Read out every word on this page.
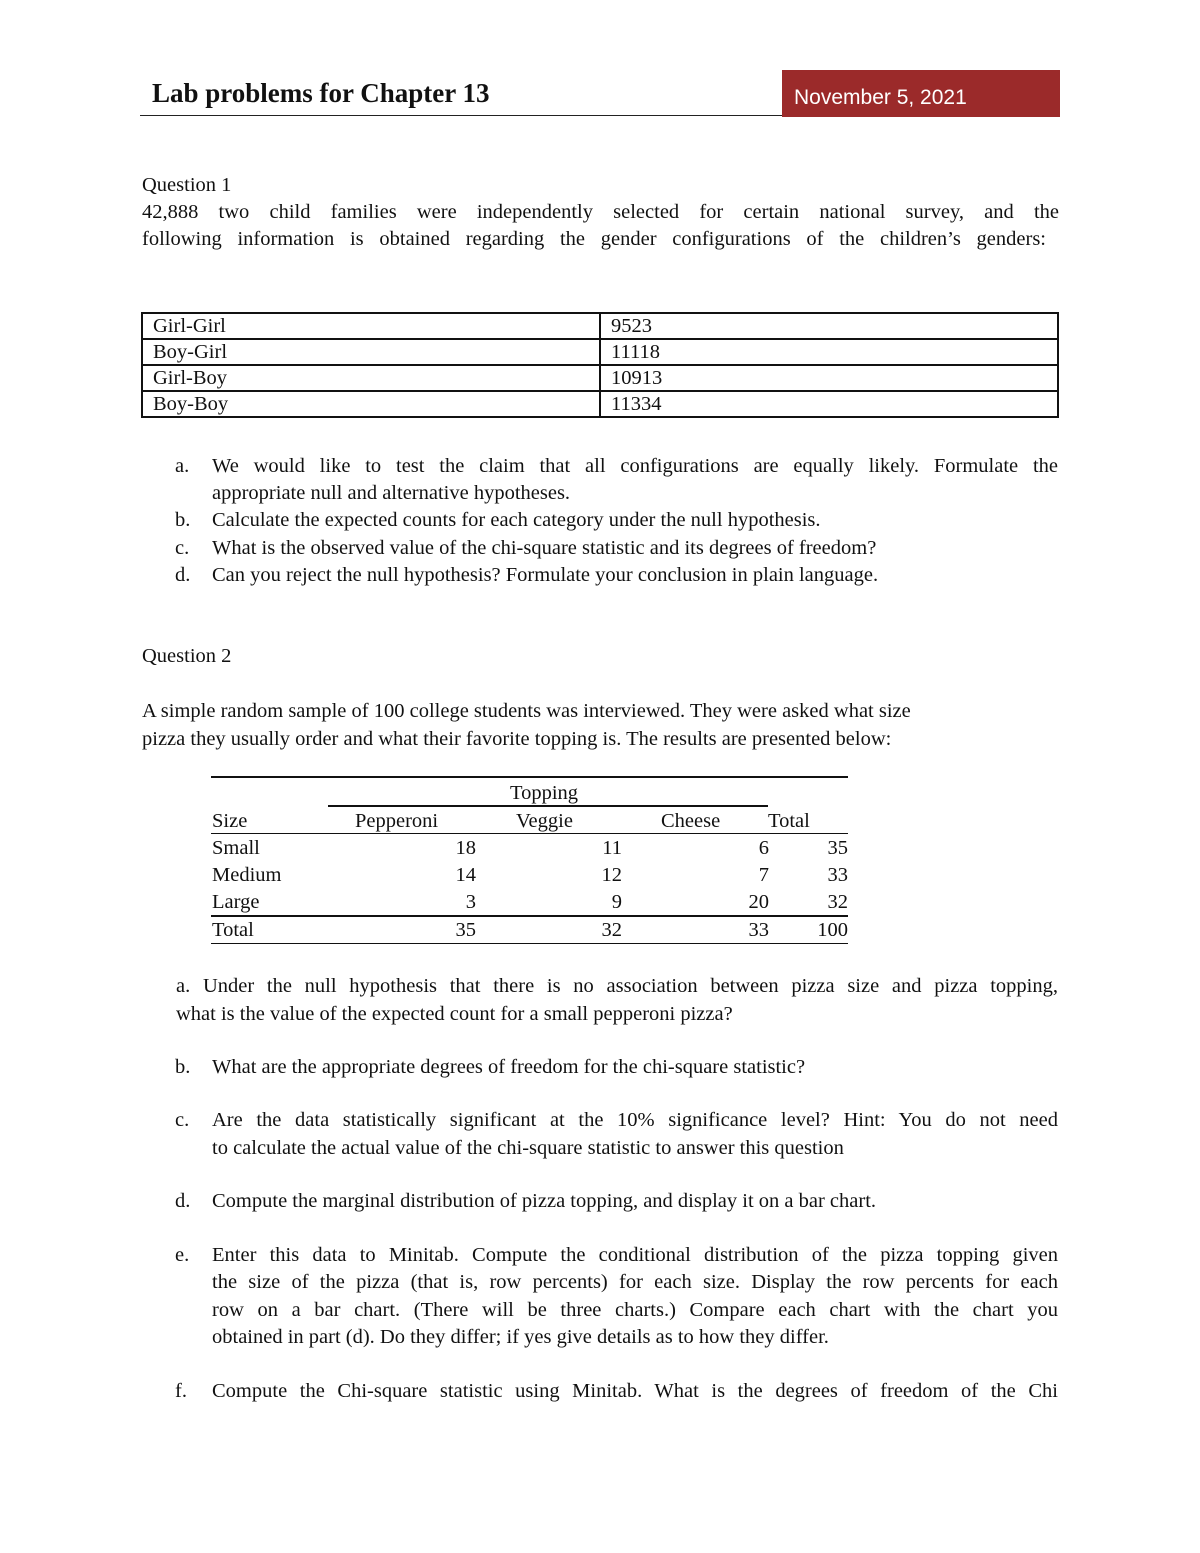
Lab problems for Chapter 13	November 5, 2021
Question 1
42,888 two child families were independently selected for certain national survey, and the
following information is obtained regarding the gender configurations of the children’s genders:
Girl-Girl	9523
Boy-Girl	11118
Girl-Boy	10913
Boy-Boy	11334
a. We would like to test the claim that all configurations are equally likely. Formulate the
appropriate null and alternative hypotheses.
b. Calculate the expected counts for each category under the null hypothesis.
c. What is the observed value of the chi-square statistic and its degrees of freedom?
d. Can you reject the null hypothesis? Formulate your conclusion in plain language.
Question 2
A simple random sample of 100 college students was interviewed. They were asked what size
pizza they usually order and what their favorite topping is. The results are presented below:
Topping
Size	Pepperoni	Veggie	Cheese Total
Small	18	11	6	35
Medium	14	12	7	33
Large	3	9	20	32
Total	35	32	33	100
a. Under the null hypothesis that there is no association between pizza size and pizza topping,
what is the value of the expected count for a small pepperoni pizza?
b. What are the appropriate degrees of freedom for the chi-square statistic?
c. Are the data statistically significant at the 10% significance level? Hint: You do not need
to calculate the actual value of the chi-square statistic to answer this question
d. Compute the marginal distribution of pizza topping, and display it on a bar chart.
e. Enter this data to Minitab. Compute the conditional distribution of the pizza topping given
the size of the pizza (that is, row percents) for each size. Display the row percents for each
row on a bar chart. (There will be three charts.) Compare each chart with the chart you
obtained in part (d). Do they differ; if yes give details as to how they differ.
f. Compute the Chi-square statistic using Minitab. What is the degrees of freedom of the Chi
